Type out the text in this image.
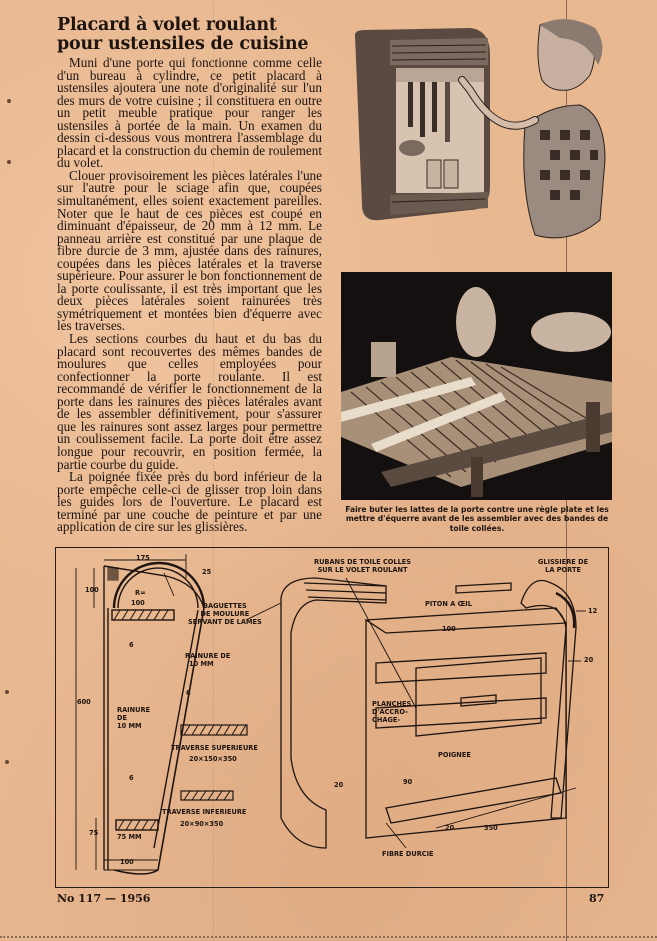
Placard à volet roulant
pour ustensiles de cuisine

Muni d'une porte qui fonctionne comme celle d'un bureau à cylindre, ce petit placard à ustensiles ajoutera une note d'originalité sur l'un des murs de votre cuisine ; il constituera en outre un petit meuble pratique pour ranger les ustensiles à portée de la main. Un examen du dessin ci-dessous vous montrera l'assemblage du placard et la construction du chemin de roulement du volet.

Clouer provisoirement les pièces latérales l'une sur l'autre pour le sciage afin que, coupées simultanément, elles soient exactement pareilles. Noter que le haut de ces pièces est coupé en diminuant d'épaisseur, de 20 mm à 12 mm. Le panneau arrière est constitué par une plaque de fibre durcie de 3 mm, ajustée dans des rainures, coupées dans les pièces latérales et la traverse supérieure. Pour assurer le bon fonctionnement de la porte coulissante, il est très important que les deux pièces latérales soient rainurées très symétriquement et montées bien d'équerre avec les traverses.

Les sections courbes du haut et du bas du placard sont recouvertes des mêmes bandes de moulures que celles employées pour confectionner la porte roulante. Il est recommandé de vérifier le fonctionnement de la porte dans les rainures des pièces latérales avant de les assembler définitivement, pour s'assurer que les rainures sont assez larges pour permettre un coulissement facile. La porte doit être assez longue pour recouvrir, en position fermée, la partie courbe du guide.

La poignée fixée près du bord inférieur de la porte empêche celle-ci de glisser trop loin dans les guides lors de l'ouverture. Le placard est terminé par une couche de peinture et par une application de cire sur les glissières.

Faire buter les lattes de la porte contre une règle plate et les mettre d'équerre avant de les assembler avec des bandes de toile collées.
175
25
100	R=
100	BAGUETTES
DE MOULURE
SERVANT DE LAMES
6
RAINURE DE
10 MM
6
600
RAINURE
DE
10 MM
TRAVERSE SUPERIEURE
20×150×350
6
TRAVERSE INFERIEURE
20×90×350
75	75 MM
100
RUBANS DE TOILE COLLES
SUR LE VOLET ROULANT
PITON A ŒIL
GLISSIERE DE
LA PORTE
12
100
20
PLANCHES
D'ACCRO-
CHAGE-
POIGNEE
20	90
20	350
FIBRE DURCIE
No 117 — 1956	87
